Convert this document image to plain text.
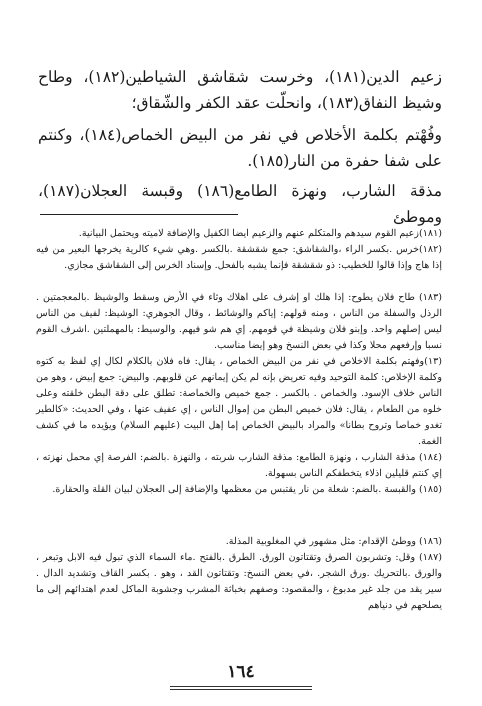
زعيم الدين(١٨١)، وخرست شقاشق الشياطين(١٨٢)، وطاح وشيظ النفاق(١٨٣)، وانحلّت عقد الكفر والشّقاق؛

وفُهْتم بكلمة الأخلاص في نفر من البيض الخماص(١٨٤)، وكنتم على شفا حفرة من النار(١٨٥).

مذقة الشارب، ونهزة الطامع(١٨٦) وقبسة العجلان(١٨٧)، وموطئ

(١٨١)زعيم القوم سيدهم والمتكلم عنهم والزعيم ايضا الكفيل والإضافة لاميته ويحتمل البيانية.

(١٨٢)خرس .بكسر الراء ،والشقاشق: جمع شقشقة .بالكسر .وهي شيء كالرية يخرجها البعير من فيه إذا هاج وإذا قالوا للخطيب: ذو شقشقة فإنما يشبه بالفحل. وإسناد الخرس إلى الشقاشق مجازي.

(١٨٣) طاح فلان يطوح: إذا هلك او إشرف على اهلاك وثاء في الأرض وسقط والوشيظ .بالمعجمتين . الرذل والسفلة من الناس ، ومنه قولهم: إياكم والوشائط ، وقال الجوهري: الوشيظ: لفيف من الناس ليس إصلهم واحد. وإبنو فلان وشيظة في قومهم. إي هم شو فيهم. والوسيط: بالمهملتين .اشرف القوم نسبا وإرفعهم محلا وكذا في بعض النسخ وهو إيضا مناسب.

(١٣)وفهتم بكلمة الاخلاص في نفر من البيض الخماص ، يقال: فاه فلان بالكلام لكال إي لفظ به كتوه وكلمة الإخلاص: كلمة التوحيد وفيه تعريض بإنه لم يكن إيمانهم عن قلوبهم. والبيض: جمع إبيض ، وهو من الناس خلاف الإسود. والخماص . بالكسر . جمع خميص والخماصة: تطلق على دقة البطن خلقته وعلى خلوه من الطعام ، يقال: فلان خميص البطن من إموال الناس ، إي عفيف عنها ، وفي الحديث: «كالطير تغدو خماصا وتروح بطانا» والمراد بالبيض الخماص إما إهل البيت (عليهم السلام) ويؤيده ما في كشف الغمة.

(١٨٤) مذقة الشارب ، ونهزة الطامع: مذقة الشارب شربته ، والنهزة .بالضم: الفرصة إي محمل نهزته ، إي كنتم قليلين اذلاء يتخطفكم الناس بسهولة.

(١٨٥) والقبسة .بالضم: شعلة من نار يقتبس من معظمها والإضافة إلى العجلان لبيان القلة والحقارة.

(١٨٦) ووطئ الإقدام: مثل مشهور في المغلوبية المذلة.

(١٨٧) وقل: وتشربون الصرق وتقتاتون الورق. الطرق .بالفتح .ماء السماء الذي تبول فيه الابل وتبعر ، والورق .بالتحريك .ورق الشجر. ،في بعض النسخ: وتقتاتون القد ، وهو . بكسر القاف وتشديد الدال . سير يقد من جلد غير مدبوغ ، والمقصود: وصفهم بخباثة المشرب وجشوبة الماكل لعدم اهتدائهم إلى ما يصلحهم في دنياهم

١٦٤
